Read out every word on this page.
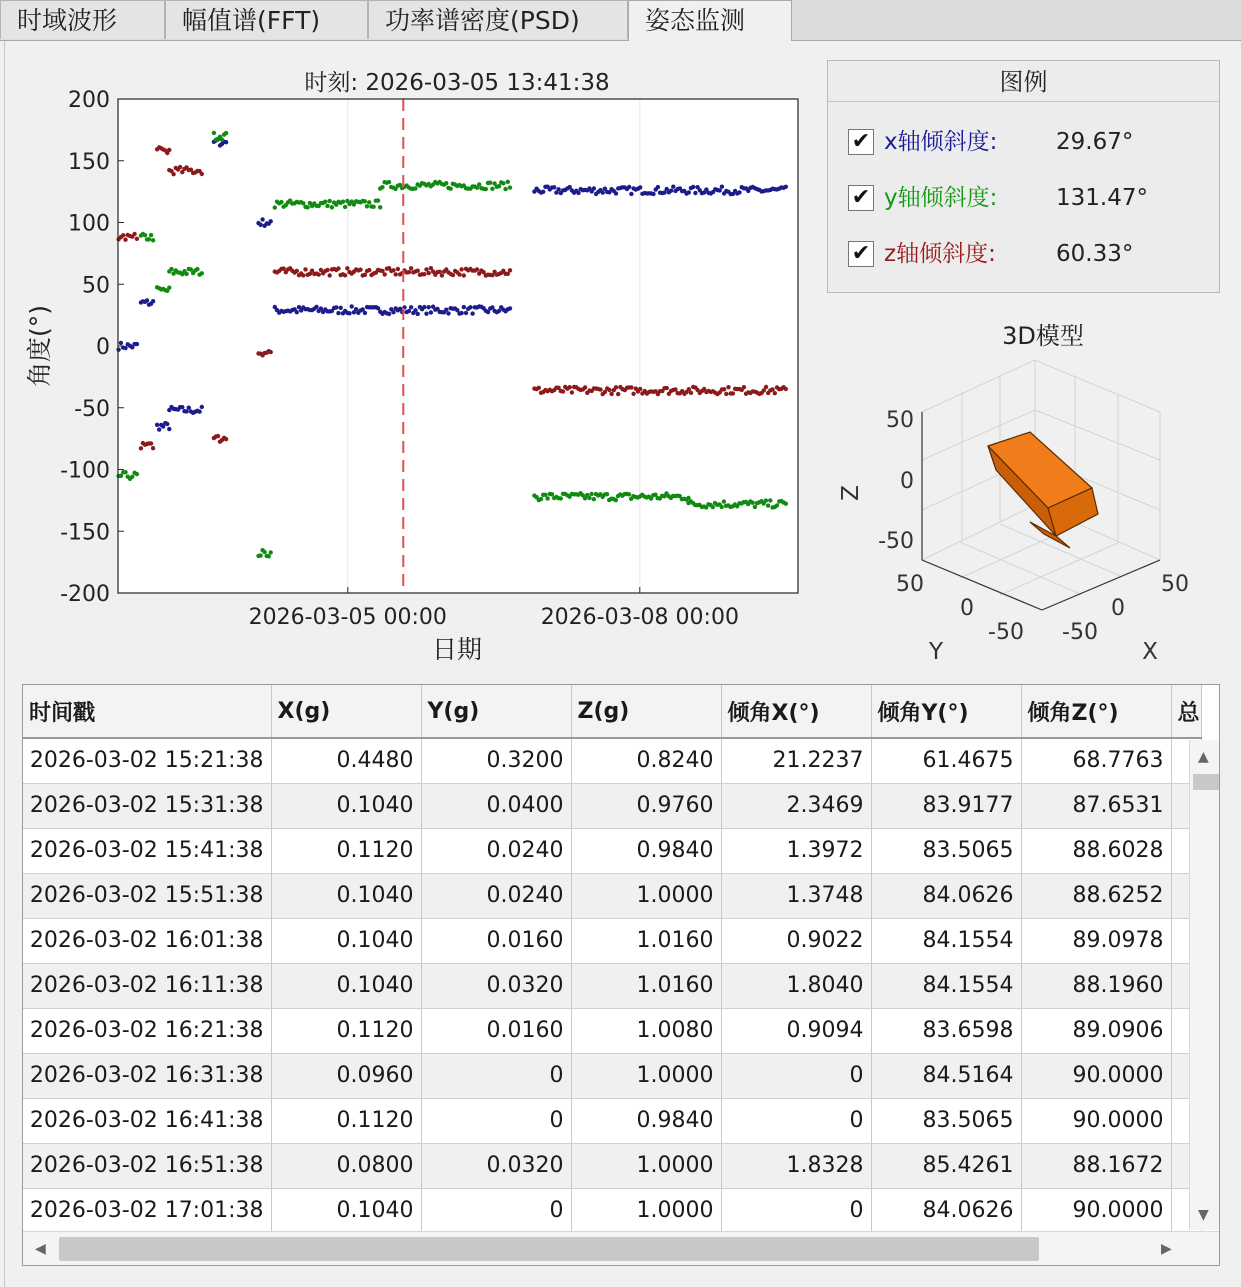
时域波形	幅值谱(FFT)	功率谱密度(PSD)	姿态监测
200
150
100
50
0
-50
-100
-150
-200
2026-03-05 00:00	2026-03-08 00:00
时刻: 2026-03-05 13:41:38
日期
角度(°)
图例
✔ x轴倾斜度:	29.67°
✔ y轴倾斜度:	131.47°
✔ z轴倾斜度:	60.33°
3D模型
50
0
-50
50
0
-50 -50
0
50
Z
Y	X
时间戳	X(g)	Y(g)	Z(g)	倾角X(°)	倾角Y(°)	倾角Z(°)	总
2026-03-02 15:21:38	0.4480	0.3200	0.8240	21.2237	61.4675	68.7763	
2026-03-02 15:31:38	0.1040	0.0400	0.9760	2.3469	83.9177	87.6531	
2026-03-02 15:41:38	0.1120	0.0240	0.9840	1.3972	83.5065	88.6028	
2026-03-02 15:51:38	0.1040	0.0240	1.0000	1.3748	84.0626	88.6252	
2026-03-02 16:01:38	0.1040	0.0160	1.0160	0.9022	84.1554	89.0978	
2026-03-02 16:11:38	0.1040	0.0320	1.0160	1.8040	84.1554	88.1960	
2026-03-02 16:21:38	0.1120	0.0160	1.0080	0.9094	83.6598	89.0906	
2026-03-02 16:31:38	0.0960	0	1.0000	0	84.5164	90.0000	
2026-03-02 16:41:38	0.1120	0	0.9840	0	83.5065	90.0000	
2026-03-02 16:51:38	0.0800	0.0320	1.0000	1.8328	85.4261	88.1672	
2026-03-02 17:01:38	0.1040	0	1.0000	0	84.0626	90.0000	
▲
▼
◀	▶
